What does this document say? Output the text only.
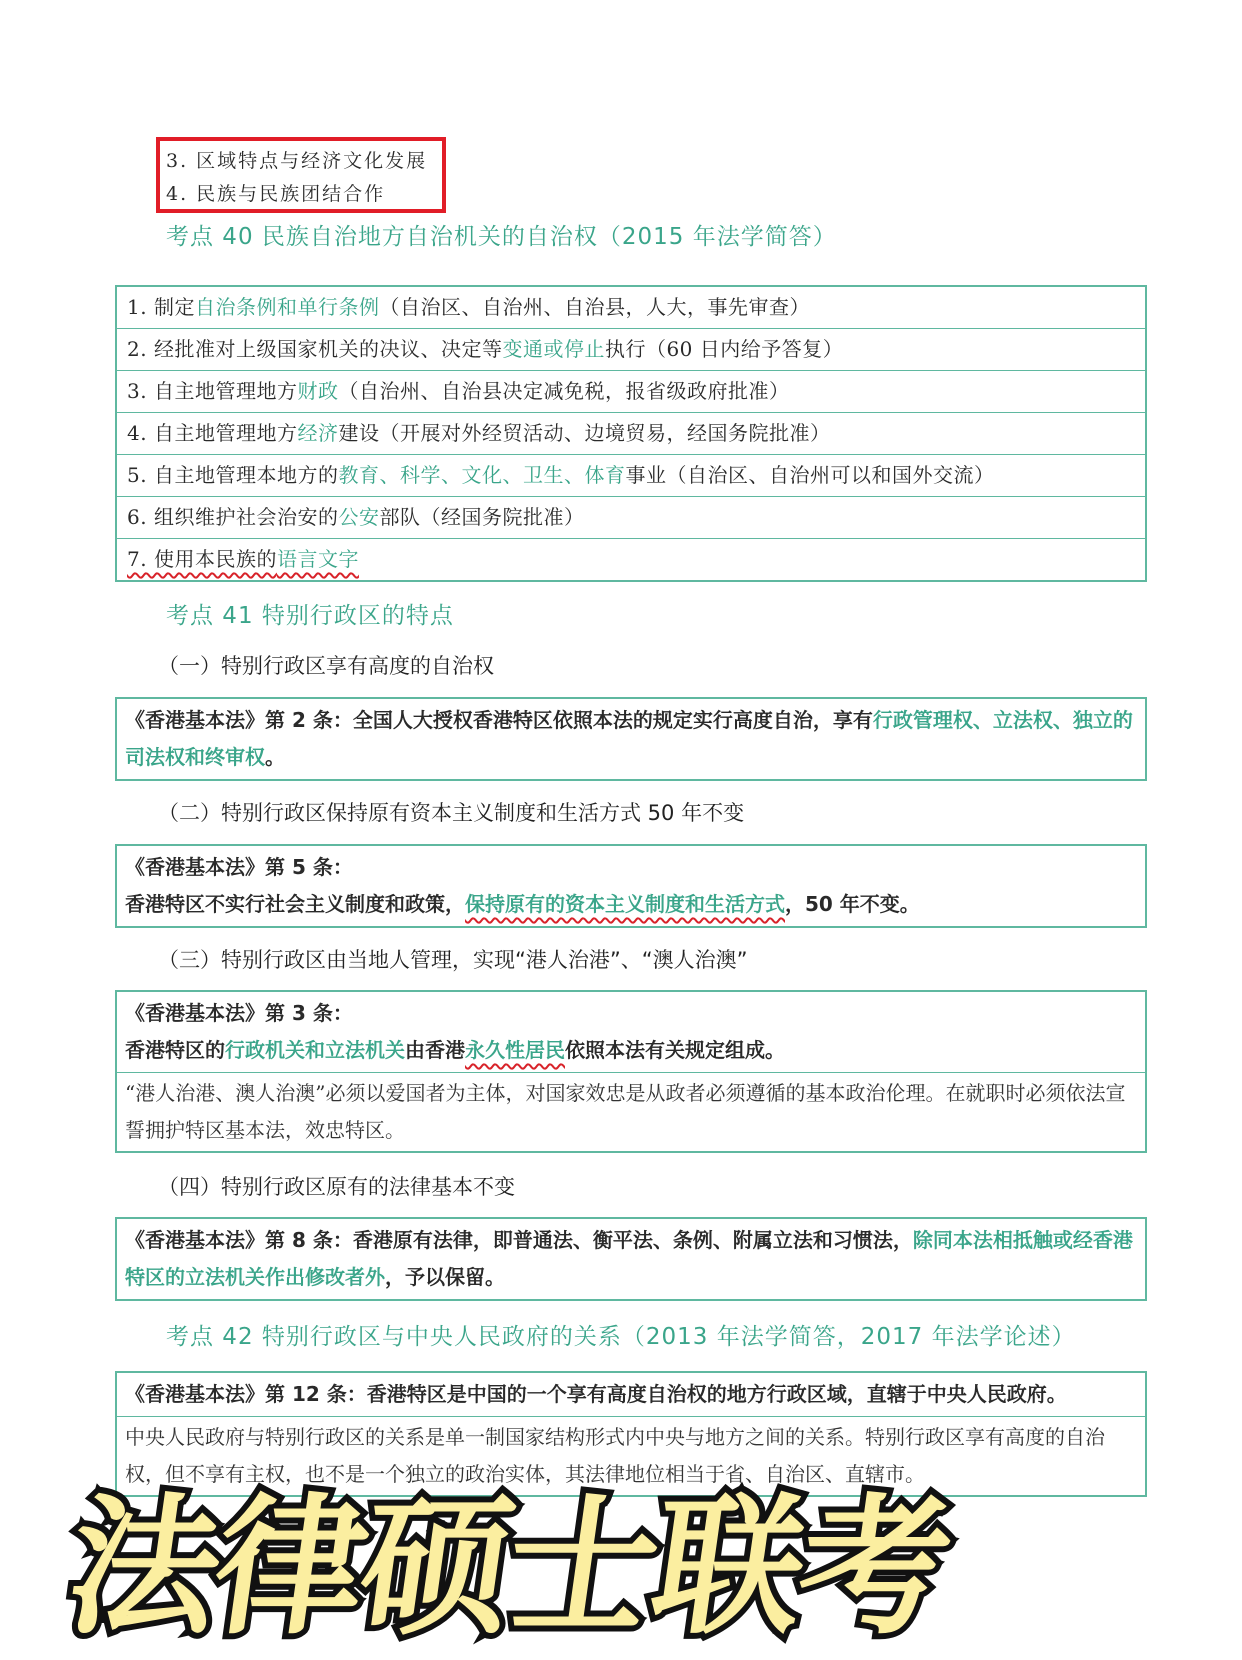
3. 区域特点与经济文化发展
4. 民族与民族团结合作
考点 40 民族自治地方自治机关的自治权（2015 年法学简答）
1. 制定自治条例和单行条例（自治区、自治州、自治县，人大，事先审查）
2. 经批准对上级国家机关的决议、决定等变通或停止执行（60 日内给予答复）
3. 自主地管理地方财政（自治州、自治县决定减免税，报省级政府批准）
4. 自主地管理地方经济建设（开展对外经贸活动、边境贸易，经国务院批准）
5. 自主地管理本地方的教育、科学、文化、卫生、体育事业（自治区、自治州可以和国外交流）
6. 组织维护社会治安的公安部队（经国务院批准）
7. 使用本民族的语言文字
考点 41 特别行政区的特点
（一）特别行政区享有高度的自治权
《香港基本法》第 2 条：全国人大授权香港特区依照本法的规定实行高度自治，享有行政管理权、立法权、独立的司法权和终审权。
（二）特别行政区保持原有资本主义制度和生活方式 50 年不变
《香港基本法》第 5 条：
香港特区不实行社会主义制度和政策，保持原有的资本主义制度和生活方式，50 年不变。
（三）特别行政区由当地人管理，实现“港人治港”、“澳人治澳”
《香港基本法》第 3 条：
香港特区的行政机关和立法机关由香港永久性居民依照本法有关规定组成。
“港人治港、澳人治澳”必须以爱国者为主体，对国家效忠是从政者必须遵循的基本政治伦理。在就职时必须依法宣誓拥护特区基本法，效忠特区。
（四）特别行政区原有的法律基本不变
《香港基本法》第 8 条：香港原有法律，即普通法、衡平法、条例、附属立法和习惯法，除同本法相抵触或经香港特区的立法机关作出修改者外，予以保留。
考点 42 特别行政区与中央人民政府的关系（2013 年法学简答，2017 年法学论述）
《香港基本法》第 12 条：香港特区是中国的一个享有高度自治权的地方行政区域，直辖于中央人民政府。
中央人民政府与特别行政区的关系是单一制国家结构形式内中央与地方之间的关系。特别行政区享有高度的自治权，但不享有主权，也不是一个独立的政治实体，其法律地位相当于省、自治区、直辖市。
法律硕士联考
